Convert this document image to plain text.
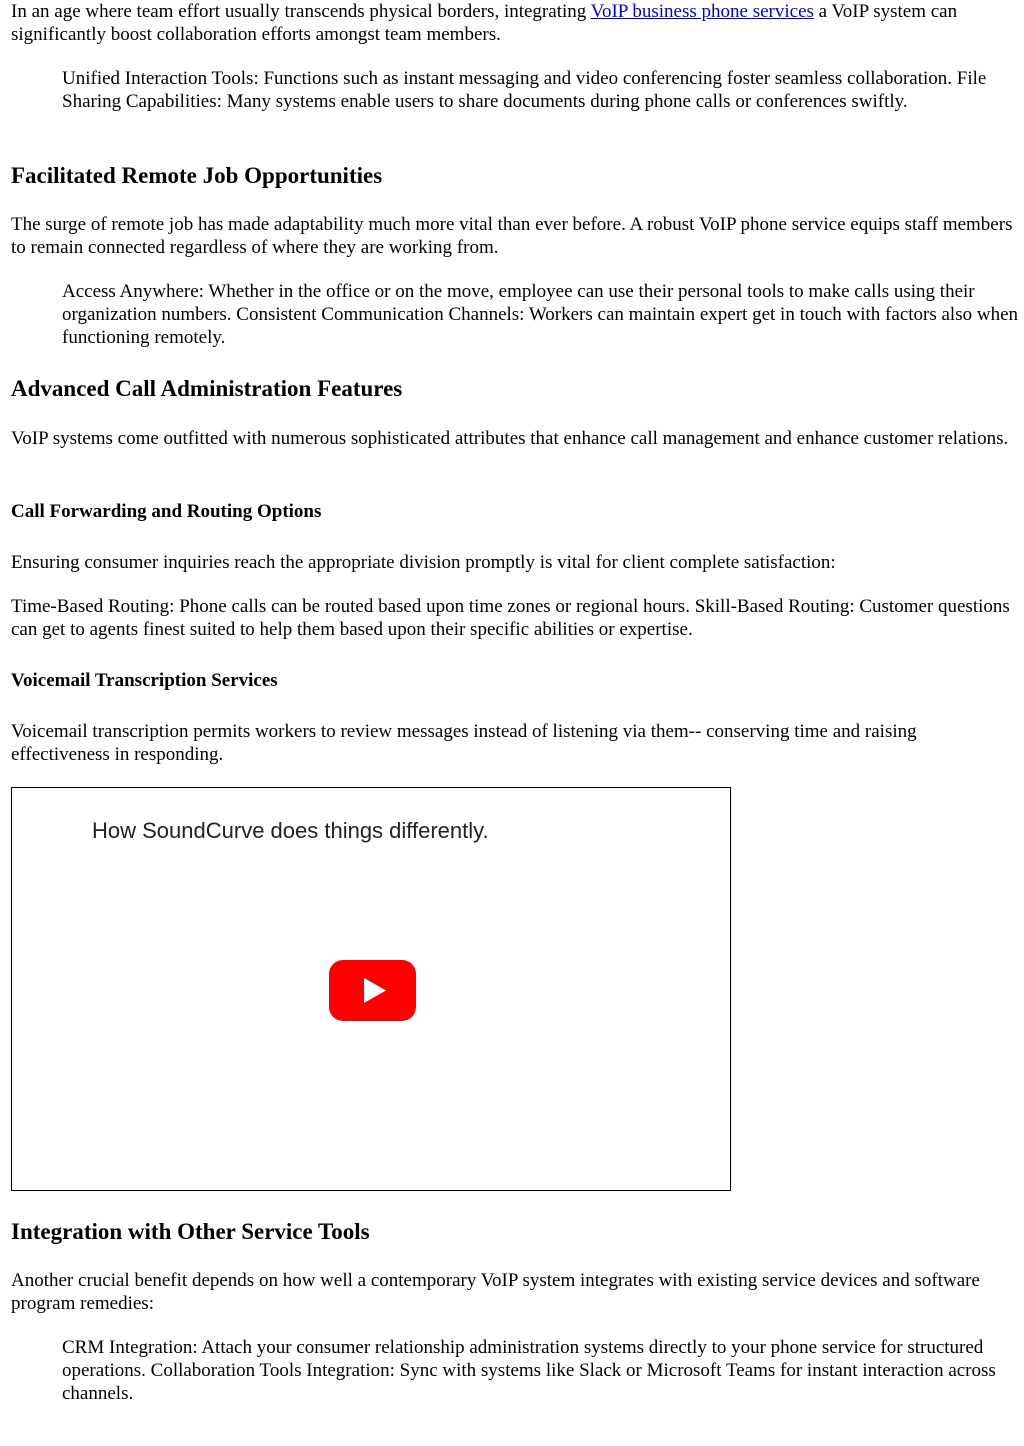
In an age where team effort usually transcends physical borders, integrating VoIP business phone services a VoIP system can significantly boost collaboration efforts amongst team members.

Unified Interaction Tools: Functions such as instant messaging and video conferencing foster seamless collaboration. File Sharing Capabilities: Many systems enable users to share documents during phone calls or conferences swiftly.

Facilitated Remote Job Opportunities

The surge of remote job has made adaptability much more vital than ever before. A robust VoIP phone service equips staff members to remain connected regardless of where they are working from.

Access Anywhere: Whether in the office or on the move, employee can use their personal tools to make calls using their organization numbers. Consistent Communication Channels: Workers can maintain expert get in touch with factors also when functioning remotely.

Advanced Call Administration Features

VoIP systems come outfitted with numerous sophisticated attributes that enhance call management and enhance customer relations.

Call Forwarding and Routing Options

Ensuring consumer inquiries reach the appropriate division promptly is vital for client complete satisfaction:

Time-Based Routing: Phone calls can be routed based upon time zones or regional hours. Skill-Based Routing: Customer questions can get to agents finest suited to help them based upon their specific abilities or expertise.

Voicemail Transcription Services

Voicemail transcription permits workers to review messages instead of listening via them-- conserving time and raising effectiveness in responding.

How SoundCurve does things differently.
Integration with Other Service Tools

Another crucial benefit depends on how well a contemporary VoIP system integrates with existing service devices and software program remedies:

CRM Integration: Attach your consumer relationship administration systems directly to your phone service for structured operations. Collaboration Tools Integration: Sync with systems like Slack or Microsoft Teams for instant interaction across channels.
